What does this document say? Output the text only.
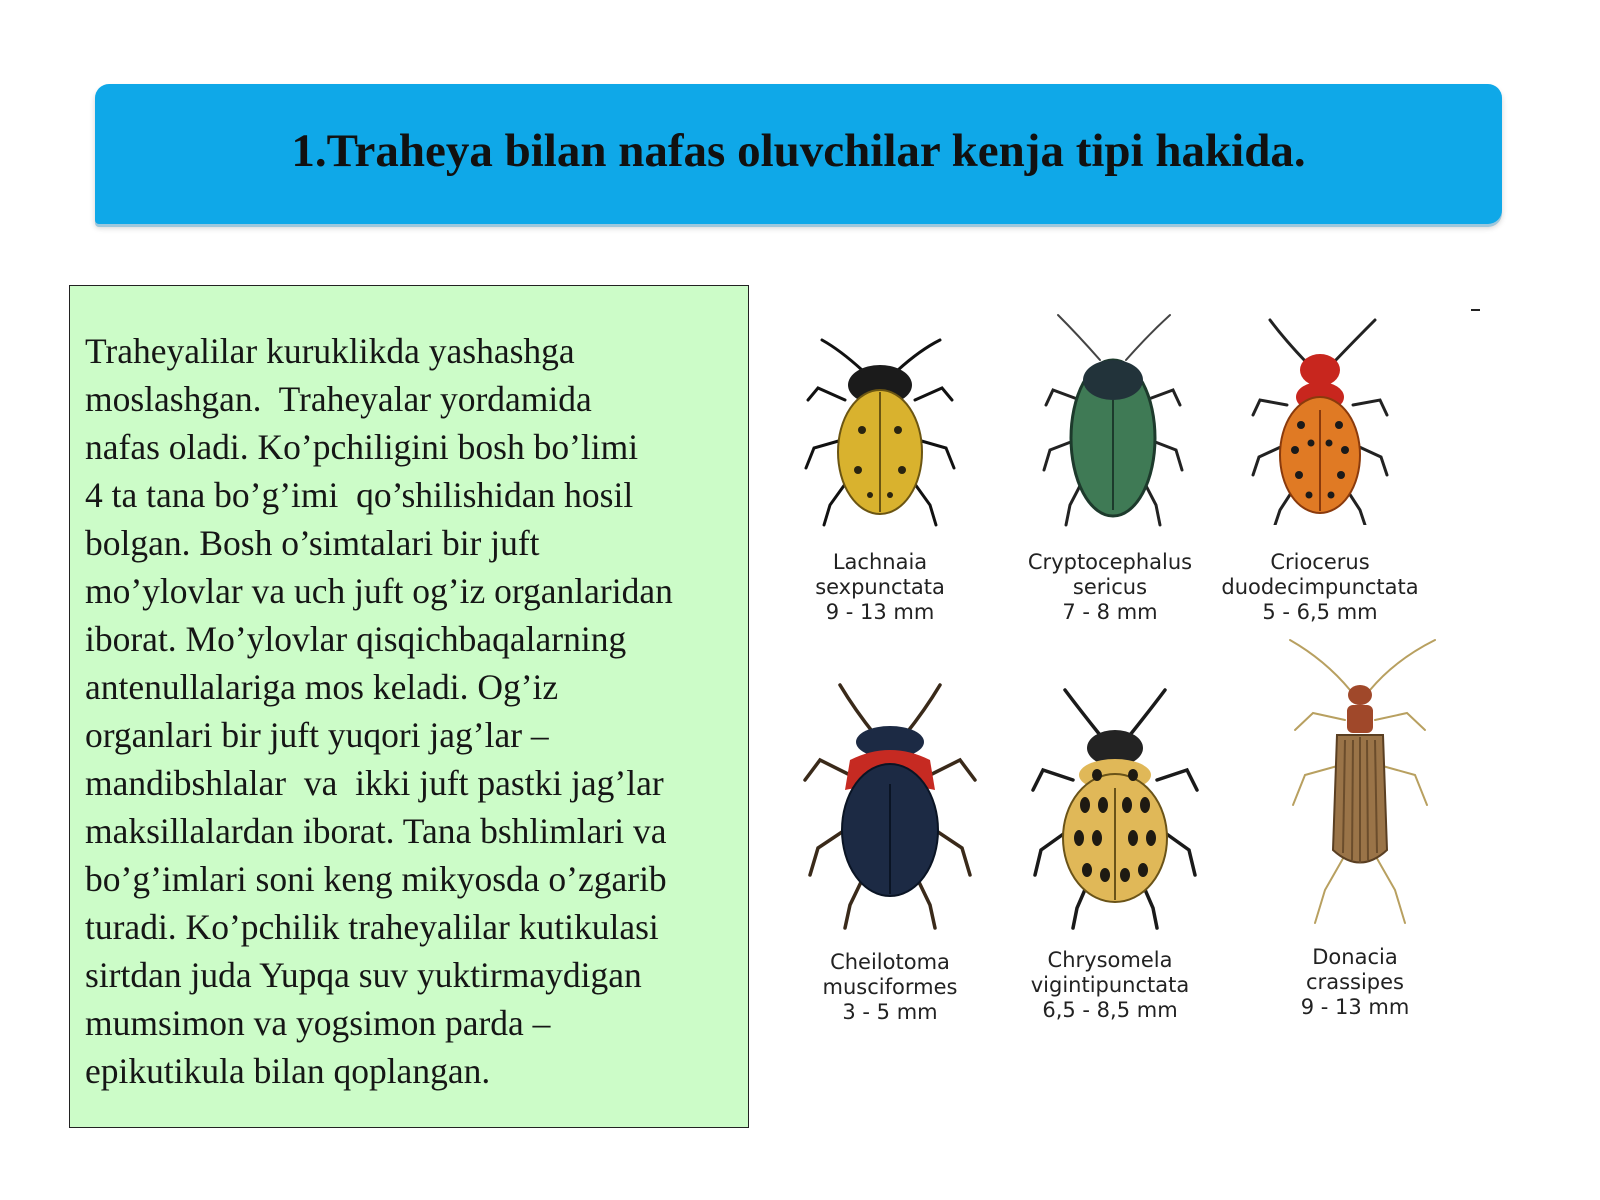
1.Traheya bilan nafas oluvchilar kenja tipi hakida.
Traheyalilar kuruklikda yashashga
moslashgan.  Traheyalar yordamida
nafas oladi. Ko’pchiligini bosh bo’limi
4 ta tana bo’g’imi  qo’shilishidan hosil
bolgan. Bosh o’simtalari bir juft
mo’ylovlar va uch juft og’iz organlaridan
iborat. Mo’ylovlar qisqichbaqalarning
antenullalariga mos keladi. Og’iz
organlari bir juft yuqori jag’lar –
mandibshlalar  va  ikki juft pastki jag’lar
maksillalardan iborat. Tana bshlimlari va
bo’g’imlari soni keng mikyosda o’zgarib
turadi. Ko’pchilik traheyalilar kutikulasi
sirtdan juda Yupqa suv yuktirmaydigan
mumsimon va yogsimon parda –
epikutikula bilan qoplangan.
Lachnaia
sexpunctata
9 - 13 mm
Cryptocephalus
sericus
7 - 8 mm
Criocerus
duodecimpunctata
5 - 6,5 mm
Cheilotoma
musciformes
3 - 5 mm
Chrysomela
vigintipunctata
6,5 - 8,5 mm
Donacia
crassipes
9 - 13 mm
